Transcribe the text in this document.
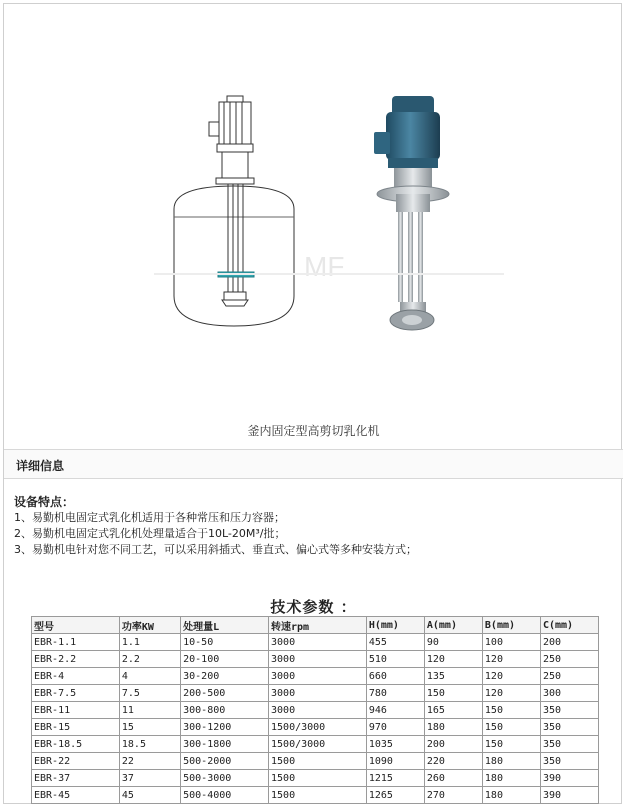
MF
釜内固定型高剪切乳化机
详细信息
设备特点：
1、易勤机电固定式乳化机适用于各种常压和压力容器；
2、易勤机电固定式乳化机处理量适合于10L-20M³/批；
3、易勤机电针对您不同工艺，可以采用斜插式、垂直式、偏心式等多种安装方式；
技术参数 ：
型号	功率KW	处理量L	转速rpm	H(mm)	A(mm)	B(mm)	C(mm)
EBR-1.1	1.1	10-50	3000	455	90	100	200
EBR-2.2	2.2	20-100	3000	510	120	120	250
EBR-4	4	30-200	3000	660	135	120	250
EBR-7.5	7.5	200-500	3000	780	150	120	300
EBR-11	11	300-800	3000	946	165	150	350
EBR-15	15	300-1200	1500/3000	970	180	150	350
EBR-18.5	18.5	300-1800	1500/3000	1035	200	150	350
EBR-22	22	500-2000	1500	1090	220	180	350
EBR-37	37	500-3000	1500	1215	260	180	390
EBR-45	45	500-4000	1500	1265	270	180	390
